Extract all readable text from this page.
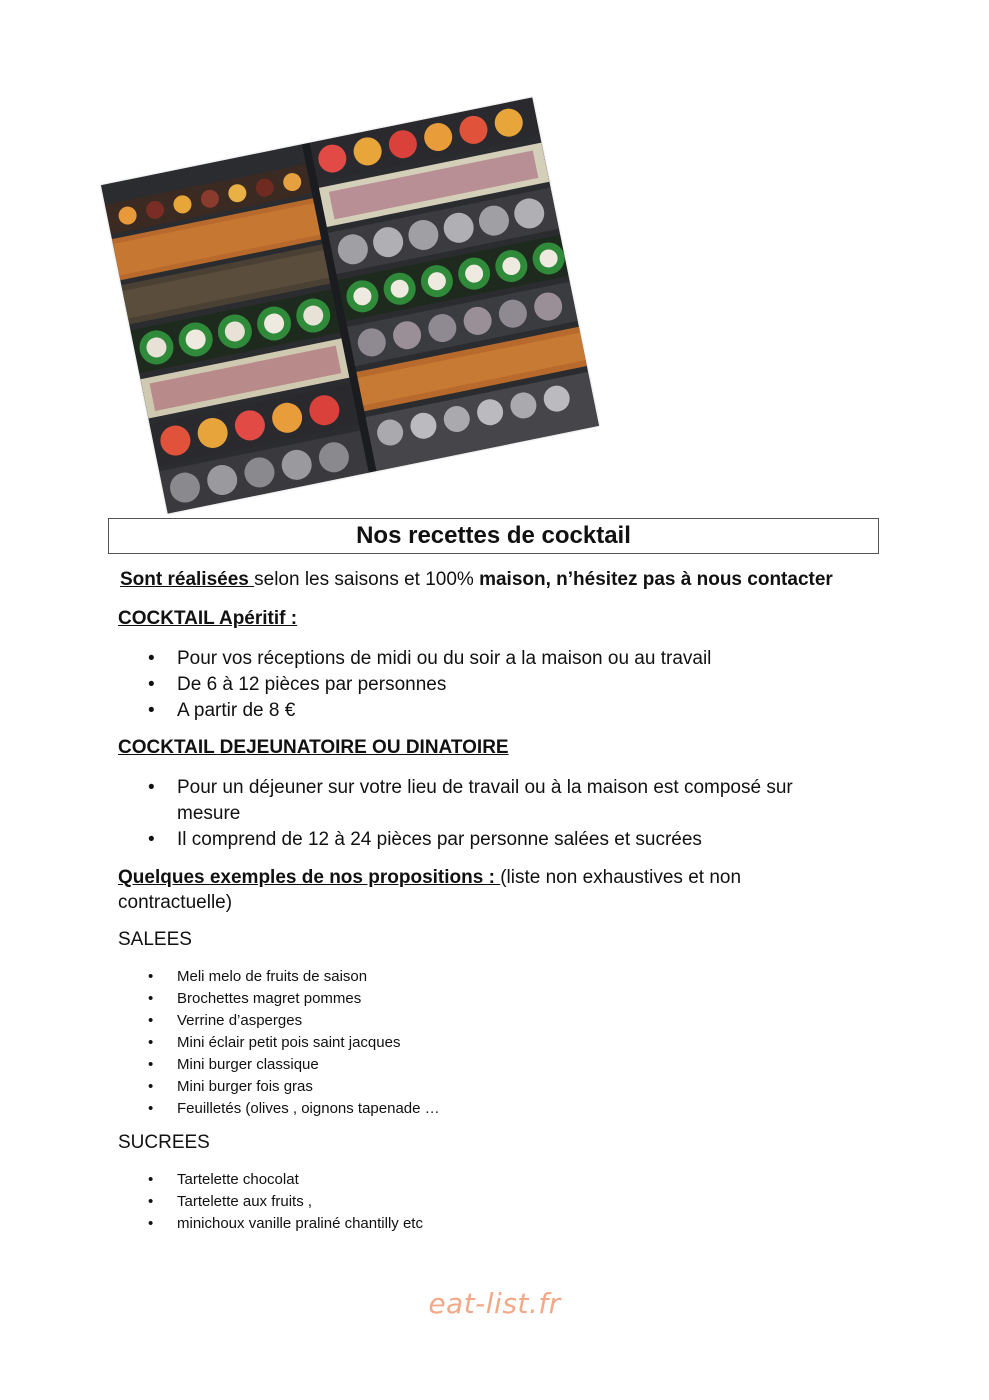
Nos recettes de cocktail
Sont réalisées selon les saisons et 100% maison, n’hésitez pas à nous contacter
COCKTAIL Apéritif :
• Pour vos réceptions de midi ou du soir a la maison ou au travail
• De 6 à 12 pièces par personnes
• A partir de 8 €
COCKTAIL DEJEUNATOIRE OU DINATOIRE
• Pour un déjeuner sur votre lieu de travail ou à la maison est composé sur mesure
• Il comprend de 12 à 24 pièces par personne salées et sucrées
Quelques exemples de nos propositions : (liste non exhaustives et non contractuelle)
SALEES
• Meli melo de fruits de saison
• Brochettes magret pommes
• Verrine d’asperges
• Mini éclair petit pois saint jacques
• Mini burger classique
• Mini burger fois gras
• Feuilletés (olives , oignons tapenade …
SUCREES
• Tartelette chocolat
• Tartelette aux fruits ,
• minichoux vanille praliné chantilly etc
eat-list.fr
